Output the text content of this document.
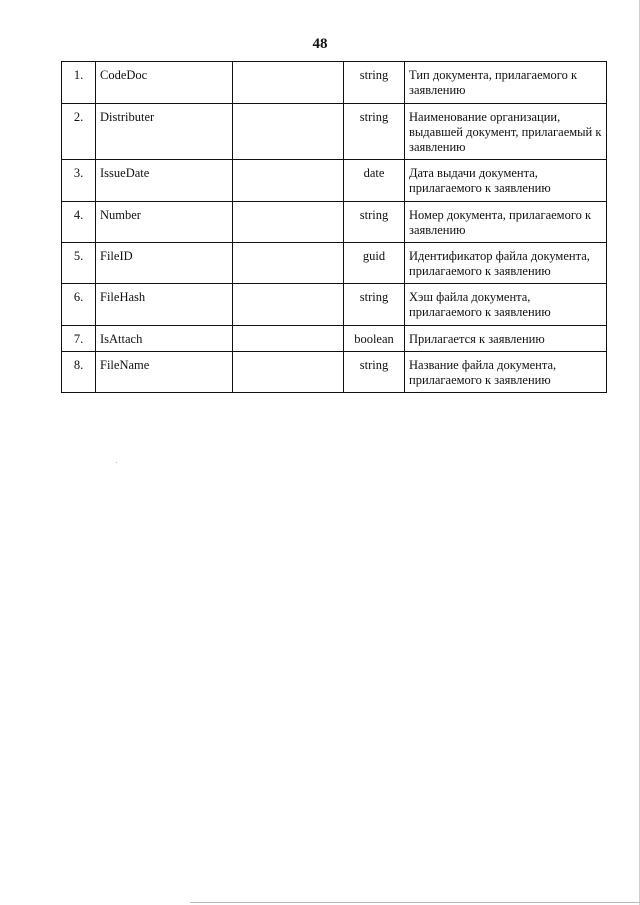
48
1.	CodeDoc		string	Тип документа, прилагаемого к заявлению
2.	Distributer		string	Наименование организации, выдавшей документ, прилагаемый к заявлению
3.	IssueDate		date	Дата выдачи документа, прилагаемого к заявлению
4.	Number		string	Номер документа, прилагаемого к заявлению
5.	FileID		guid	Идентификатор файла документа, прилагаемого к заявлению
6.	FileHash		string	Хэш файла документа, прилагаемого к заявлению
7.	IsAttach		boolean	Прилагается к заявлению
8.	FileName		string	Название файла документа, прилагаемого к заявлению
